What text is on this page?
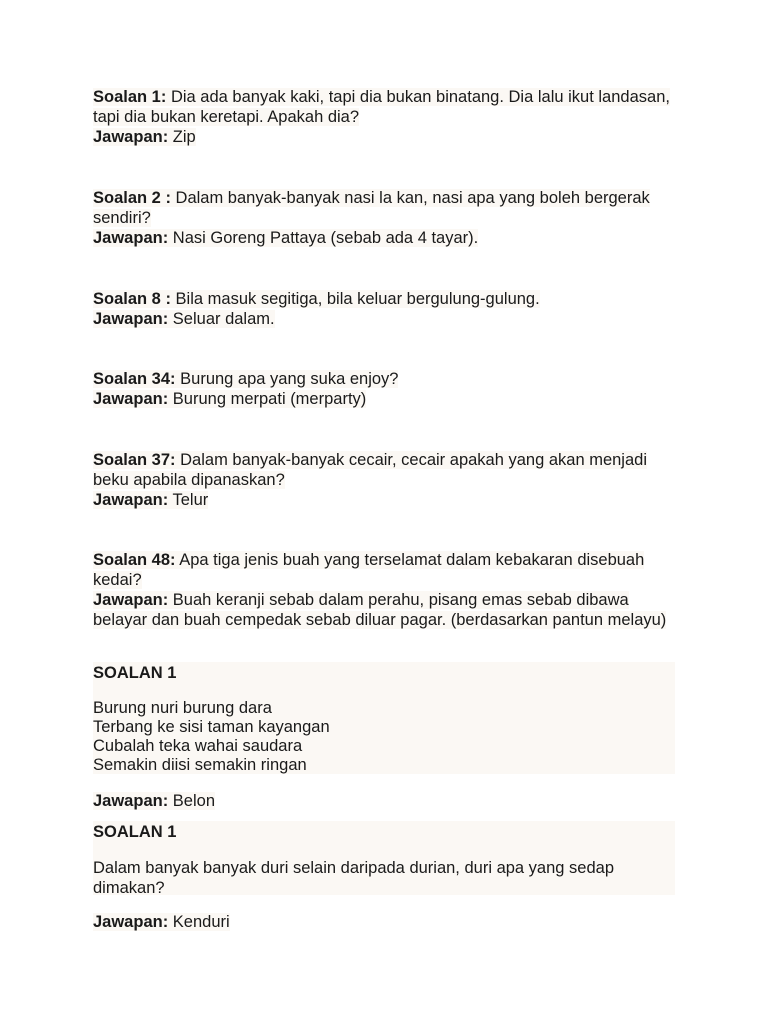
Soalan 1: Dia ada banyak kaki, tapi dia bukan binatang. Dia lalu ikut landasan, tapi dia bukan keretapi. Apakah dia?
Jawapan: Zip
Soalan 2 : Dalam banyak-banyak nasi la kan, nasi apa yang boleh bergerak sendiri?
Jawapan: Nasi Goreng Pattaya (sebab ada 4 tayar).
Soalan 8 : Bila masuk segitiga, bila keluar bergulung-gulung.
Jawapan: Seluar dalam.
Soalan 34: Burung apa yang suka enjoy?
Jawapan: Burung merpati (merparty)
Soalan 37: Dalam banyak-banyak cecair, cecair apakah yang akan menjadi beku apabila dipanaskan?
Jawapan: Telur
Soalan 48: Apa tiga jenis buah yang terselamat dalam kebakaran disebuah kedai?
Jawapan: Buah keranji sebab dalam perahu, pisang emas sebab dibawa belayar dan buah cempedak sebab diluar pagar. (berdasarkan pantun melayu)
SOALAN 1
Burung nuri burung dara
Terbang ke sisi taman kayangan
Cubalah teka wahai saudara
Semakin diisi semakin ringan
Jawapan: Belon
SOALAN 1
Dalam banyak banyak duri selain daripada durian, duri apa yang sedap dimakan?
Jawapan: Kenduri
